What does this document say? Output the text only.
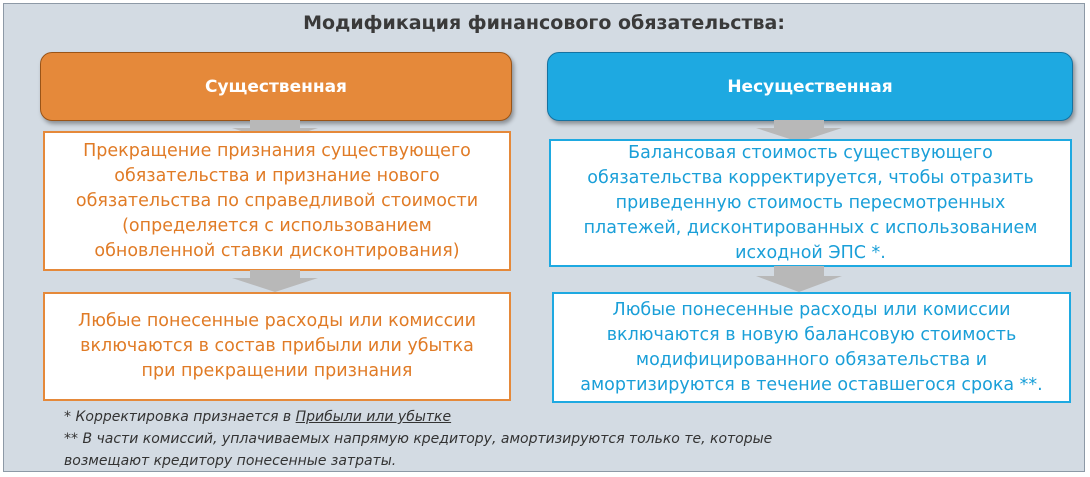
Модификация финансового обязательства:
Существенная
Прекращение признания существующего
обязательства и признание нового
обязательства по справедливой стоимости
(определяется с использованием
обновленной ставки дисконтирования)
Любые понесенные расходы или комиссии
включаются в состав прибыли или убытка
при прекращении признания
Несущественная
Балансовая стоимость существующего
обязательства корректируется, чтобы отразить
приведенную стоимость пересмотренных
платежей, дисконтированных с использованием
исходной ЭПС *.
Любые понесенные расходы или комиссии
включаются в новую балансовую стоимость
модифицированного обязательства и
амортизируются в течение оставшегося срока **.
* Корректировка признается в Прибыли или убытке
** В части комиссий, уплачиваемых напрямую кредитору, амортизируются только те, которые
возмещают кредитору понесенные затраты.
